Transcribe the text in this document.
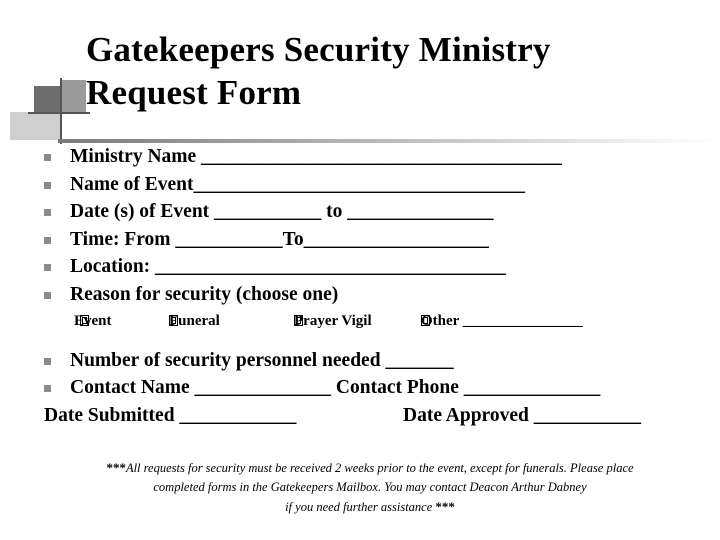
Gatekeepers Security Ministry
Request Form
Ministry Name _____________________________________
Name of Event__________________________________
Date (s) of Event ___________ to _______________
Time: From ___________To___________________
Location: ____________________________________
Reason for security (choose one)
Event	Funeral	Prayer Vigil	Other ________________
Number of security personnel needed _______
Contact Name ______________ Contact Phone ______________
Date Submitted ____________	Date Approved ___________
***All requests for security must be received 2 weeks prior to the event, except for funerals. Please place
completed forms in the Gatekeepers Mailbox. You may contact Deacon Arthur Dabney
if you need further assistance ***
